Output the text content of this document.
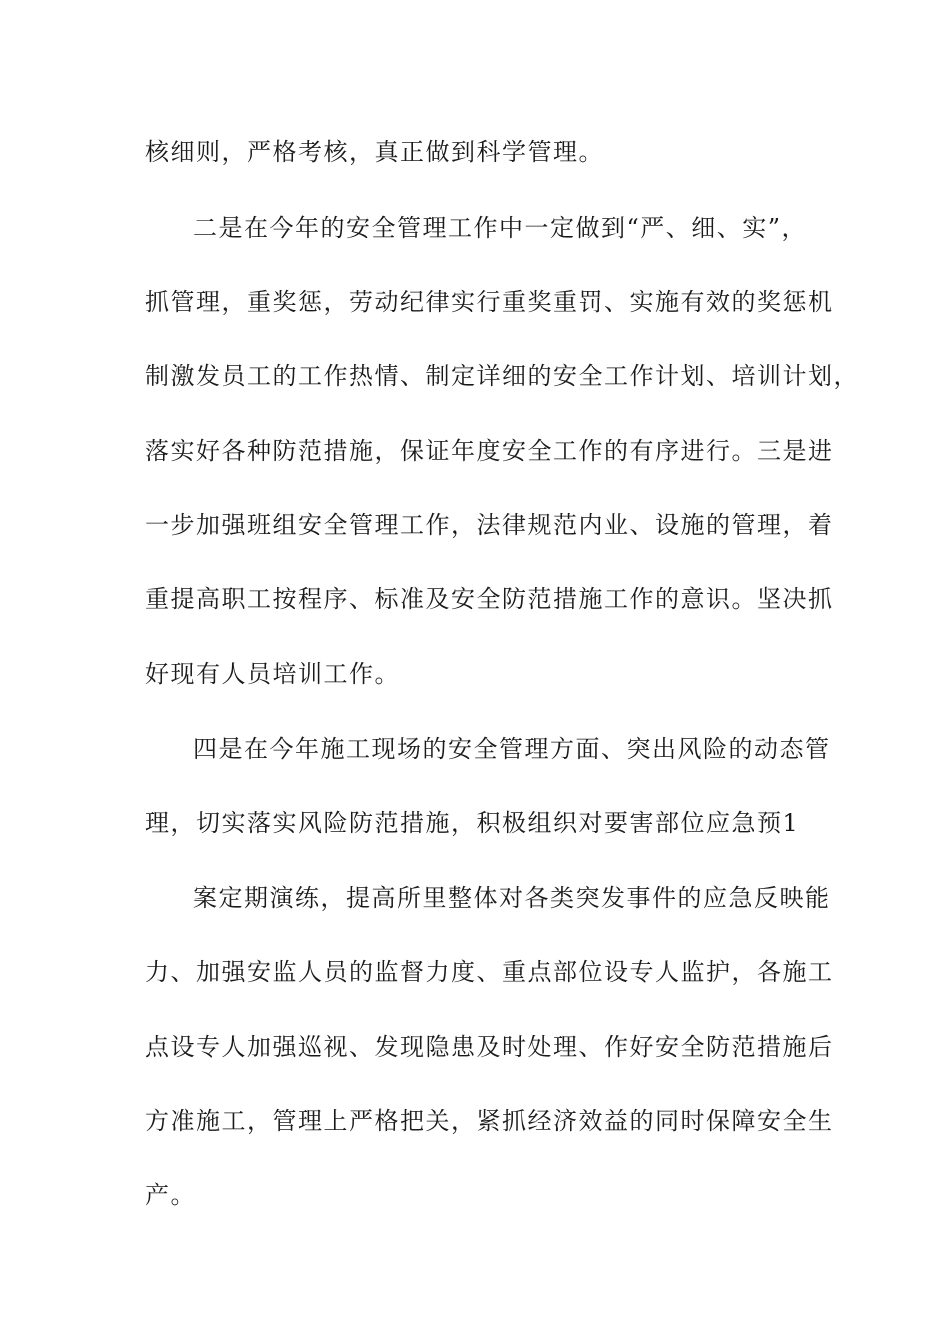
核细则，严格考核，真正做到科学管理。
二是在今年的安全管理工作中一定做到“严、细、实”，
抓管理，重奖惩，劳动纪律实行重奖重罚、实施有效的奖惩机
制激发员工的工作热情、制定详细的安全工作计划、培训计划，
落实好各种防范措施，保证年度安全工作的有序进行。三是进
一步加强班组安全管理工作，法律规范内业、设施的管理，着
重提高职工按程序、标准及安全防范措施工作的意识。坚决抓
好现有人员培训工作。
四是在今年施工现场的安全管理方面、突出风险的动态管
理，切实落实风险防范措施，积极组织对要害部位应急预1
案定期演练，提高所里整体对各类突发事件的应急反映能
力、加强安监人员的监督力度、重点部位设专人监护，各施工
点设专人加强巡视、发现隐患及时处理、作好安全防范措施后
方准施工，管理上严格把关，紧抓经济效益的同时保障安全生
产。
